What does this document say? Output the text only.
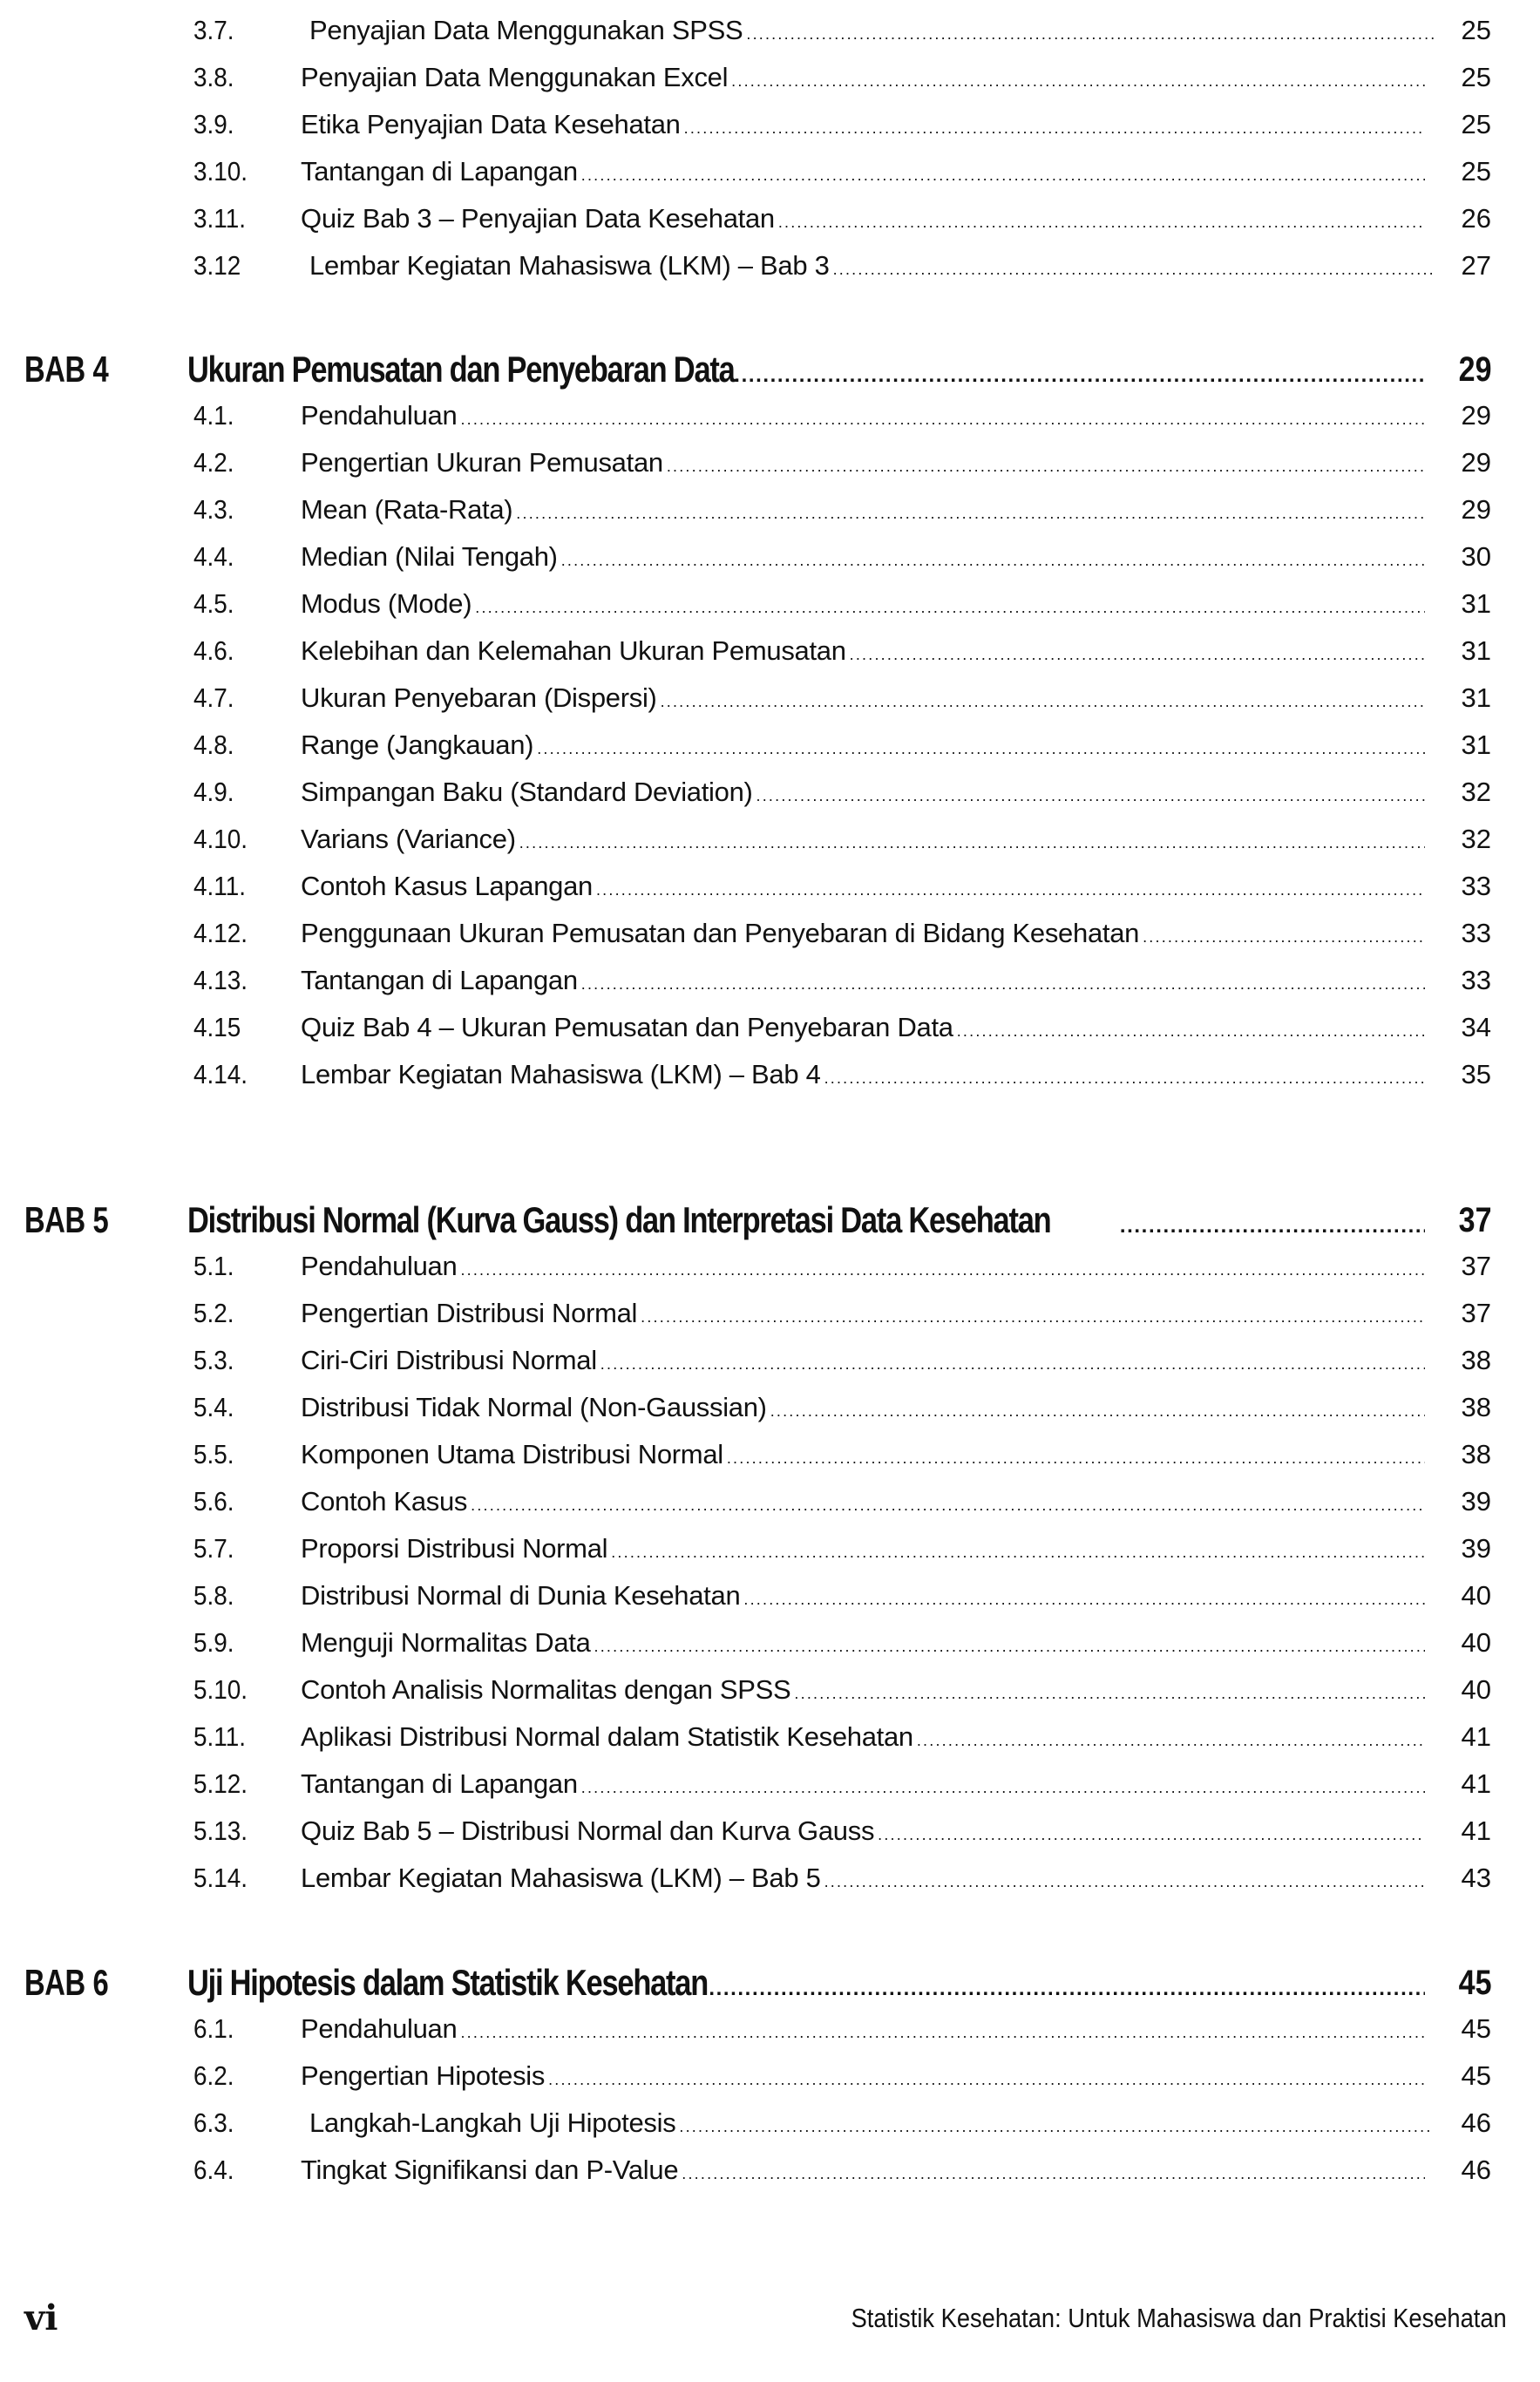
3.7.	Penyajian Data Menggunakan SPSS .....	25
3.8. Penyajian Data Menggunakan Excel .....	25
3.9. Etika Penyajian Data Kesehatan .....	25
3.10. Tantangan di Lapangan .....	25
3.11. Quiz Bab 3 – Penyajian Data Kesehatan .....	26
3.12	Lembar Kegiatan Mahasiswa (LKM) – Bab 3 .....	27
BAB 4 Ukuran Pemusatan dan Penyebaran Data .....	29
4.1. Pendahuluan .....	29
4.2. Pengertian Ukuran Pemusatan .....	29
4.3. Mean (Rata-Rata) .....	29
4.4. Median (Nilai Tengah) .....	30
4.5. Modus (Mode) .....	31
4.6. Kelebihan dan Kelemahan Ukuran Pemusatan .....	31
4.7. Ukuran Penyebaran (Dispersi) .....	31
4.8. Range (Jangkauan) .....	31
4.9. Simpangan Baku (Standard Deviation) .....	32
4.10. Varians (Variance) .....	32
4.11. Contoh Kasus Lapangan .....	33
4.12. Penggunaan Ukuran Pemusatan dan Penyebaran di Bidang Kesehatan .....	33
4.13. Tantangan di Lapangan .....	33
4.15 Quiz Bab 4 – Ukuran Pemusatan dan Penyebaran Data .....	34
4.14. Lembar Kegiatan Mahasiswa (LKM) – Bab 4 .....	35
BAB 5 Distribusi Normal (Kurva Gauss) dan Interpretasi Data Kesehatan .....	37
5.1. Pendahuluan .....	37
5.2. Pengertian Distribusi Normal .....	37
5.3. Ciri-Ciri Distribusi Normal .....	38
5.4. Distribusi Tidak Normal (Non-Gaussian) .....	38
5.5. Komponen Utama Distribusi Normal .....	38
5.6. Contoh Kasus .....	39
5.7. Proporsi Distribusi Normal .....	39
5.8. Distribusi Normal di Dunia Kesehatan .....	40
5.9. Menguji Normalitas Data .....	40
5.10. Contoh Analisis Normalitas dengan SPSS .....	40
5.11. Aplikasi Distribusi Normal dalam Statistik Kesehatan .....	41
5.12. Tantangan di Lapangan .....	41
5.13. Quiz Bab 5 – Distribusi Normal dan Kurva Gauss .....	41
5.14. Lembar Kegiatan Mahasiswa (LKM) – Bab 5 .....	43
BAB 6 Uji Hipotesis dalam Statistik Kesehatan .....	45
6.1. Pendahuluan .....	45
6.2. Pengertian Hipotesis .....	45
6.3.	Langkah-Langkah Uji Hipotesis .....	46
6.4. Tingkat Signifikansi dan P-Value .....	46
vi	Statistik Kesehatan: Untuk Mahasiswa dan Praktisi Kesehatan
